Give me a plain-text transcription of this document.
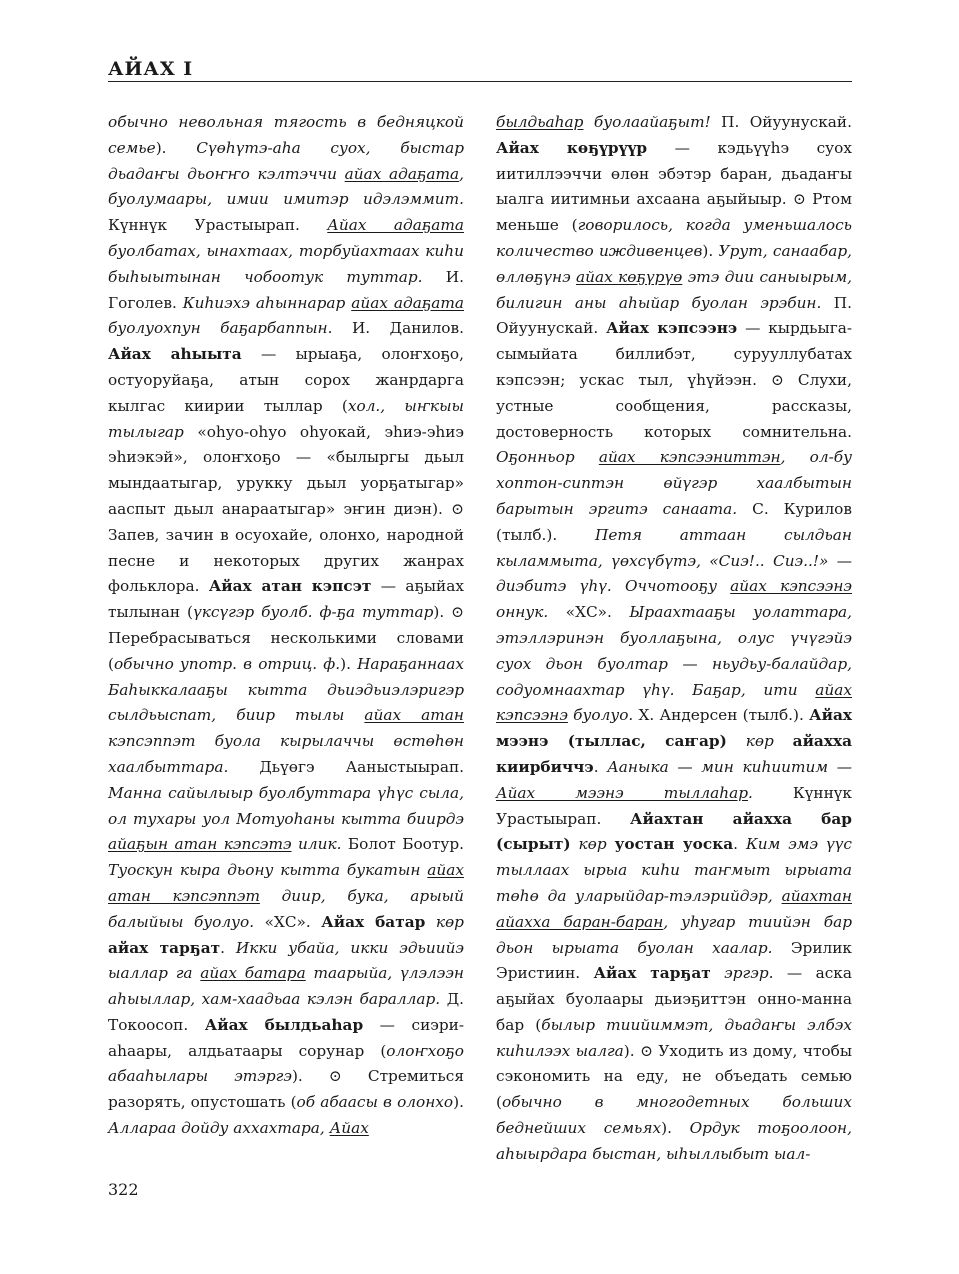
АЙАХ I

обычно невольная тягость в бедняцкой семье). Сүөһүтэ-аһа суох, быстар дьадаҥы дьоҥҥо кэлтэччи айах адаҕата, буолумаары, имии имитэр идэлэммит. Күннүк Урастыырап. Айах адаҕата буолбатах, ынахтаах, торбуйахтаах киһи быһыытынан чобоотук туттар. И. Гоголев. Киһиэхэ аһыннарар айах адаҕата буолуохпун баҕарбаппын. И. Данилов. Айах аһыыта — ырыаҕа, олоҥхоҕо, остуоруйаҕа, атын сорох жанрдарга кылгас киирии тыллар (хол., ыҥкыы тылыгар «оһуо-оһуо оһуокай, эһиэ-эһиэ эһиэкэй», олоҥхоҕо — «былыргы дьыл мындаатыгар, урукку дьыл уорҕатыгар» ааспыт дьыл анараатыгар» эҥин диэн). ⊙ Запев, зачин в осуохайе, олонхо, народной песне и некоторых других жанрах фольклора. Айах атан кэпсэт — аҕыйах тылынан (үксүгэр буолб. ф-ҕа туттар). ⊙ Перебрасываться несколькими словами (обычно употр. в отриц. ф.). Нараҕаннаах Баһыккалааҕы кытта дьиэдьиэлэригэр сылдьыспат, биир тылы айах атан кэпсэппэт буола кырылаччы өстөһөн хаалбыттара. Дьүөгэ Ааныстыырап. Манна сайылыыр буолбуттара үһүс сыла, ол тухары уол Мотуоһаны кытта биирдэ айаҕын атан кэпсэтэ илик. Болот Боотур. Туоскун кыра дьону кытта букатын айах атан кэпсэппэт диир, бука, арыый балыйыы буолуо. «ХС». Айах батар көр айах тарҕат. Икки убайа, икки эдьиийэ ыаллар га айах батара таарыйа, үлэлээн аһыыллар, хам-хаадьаа кэлэн бараллар. Д. Токоосоп. Айах былдьаһар — сиэри-аһаары, алдьатаары сорунар (олоҥхоҕо абааһылары этэргэ). ⊙ Стремиться разорять, опустошать (об абаасы в олонхо). Аллараа дойду аххахтара, Айах

былдьаһар буолаайаҕыт! П. Ойуунускай. Айах көҕүрүүр — кэдьүүһэ суох иитиллээччи өлөн эбэтэр баран, дьадаҥы ыалга иитимньи ахсаана аҕыйыыр. ⊙ Ртом меньше (говорилось, когда уменьшалось количество иждивенцев). Урут, санаабар, өллөҕүнэ айах көҕүрүө этэ дии саныырым, билигин аны аһыйар буолан эрэбин. П. Ойуунускай. Айах кэпсээнэ — кырдьыга-сымыйата биллибэт, сурууллубатах кэпсээн; ускас тыл, үһүйээн. ⊙ Слухи, устные сообщения, рассказы, достоверность которых сомнительна. Оҕонньор айах кэпсээниттэн, ол-бу хоптон-сиптэн өйүгэр хаалбытын барытын эргитэ санаата. С. Курилов (тылб.). Петя аттаан сылдьан кыламмыта, үөхсүбүтэ, «Сиэ!.. Сиэ..!» — диэбитэ үһү. Оччотооҕу айах кэпсээнэ оннук. «ХС». Ыраахтааҕы уолаттара, этэллэринэн буоллаҕына, олус үчүгэйэ суох дьон буолтар — ньудьу-балайдар, содуомнаахтар үһү. Баҕар, ити айах кэпсээнэ буолуо. Х. Андерсен (тылб.). Айах мээнэ (тыллас, саҥар) көр айаххa киирбиччэ. Ааныка — мин киһиитим — Айах мээнэ тыллаһар. Күннүк Урастыырап. Айахтан айахха бар (сырыт) көр уостан уоска. Ким эмэ үүс тыллаах ырыа киһи таҥмыт ырыата төһө да уларыйдар-тэлэрийдэр, айахтан айахха баран-баран, уһугар тиийэн бар дьон ырыата буолан хаалар. Эрилик Эристиин. Айах тарҕат эргэр. — аска аҕыйах буолаары дьиэҕиттэн онно-манна бар (былыр тиийиммэт, дьадаҥы элбэх киһилээх ыалга). ⊙ Уходить из дому, чтобы сэкономить на еду, не объедать семью (обычно в многодетных больших беднейших семьях). Ордук тоҕоолоон, аһыырдара быстан, ыһыллыбыт ыал-

322
